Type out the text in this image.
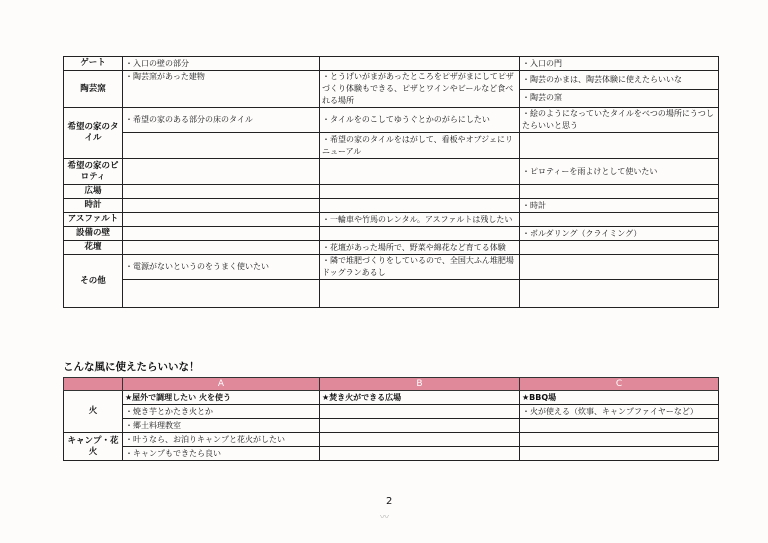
ゲート	・入口の壁の部分		・入口の門
陶芸窯	・陶芸窯があった建物	・とうげいがまがあったところをピザがまにしてピザづくり体験もできる、ピザとワインやビールなど食べれる場所	・陶芸のかまは、陶芸体験に使えたらいいな
			・陶芸の窯
希望の家のタイル	・希望の家のある部分の床のタイル	・タイルをのこしてゆうぐとかのがらにしたい	・絵のようになっていたタイルをべつの場所にうつしたらいいと思う
		・希望の家のタイルをはがして、看板やオブジェにリニューアル	
希望の家のピロティ			・ピロティーを雨よけとして使いたい
広場			
時計			・時計
アスファルト		・一輪車や竹馬のレンタル。アスファルトは残したい	
設備の壁			・ボルダリング（クライミング）
花壇		・花壇があった場所で、野菜や綿花など育てる体験	
その他	・電源がないというのをうまく使いたい	・隣で堆肥づくりをしているので、全国大ふん堆肥場ドッグランあるし	

こんな風に使えたらいいな！
	A	B	C
火	★屋外で調理したい 火を使う	★焚き火ができる広場	★BBQ場
	・焼き芋とかたき火とか		・火が使える（炊事、キャンプファイヤーなど）
	・郷土料理教室		
キャンプ・花火	・叶うなら、お泊りキャンプと花火がしたい		
	・キャンプもできたら良い		
2
〰
